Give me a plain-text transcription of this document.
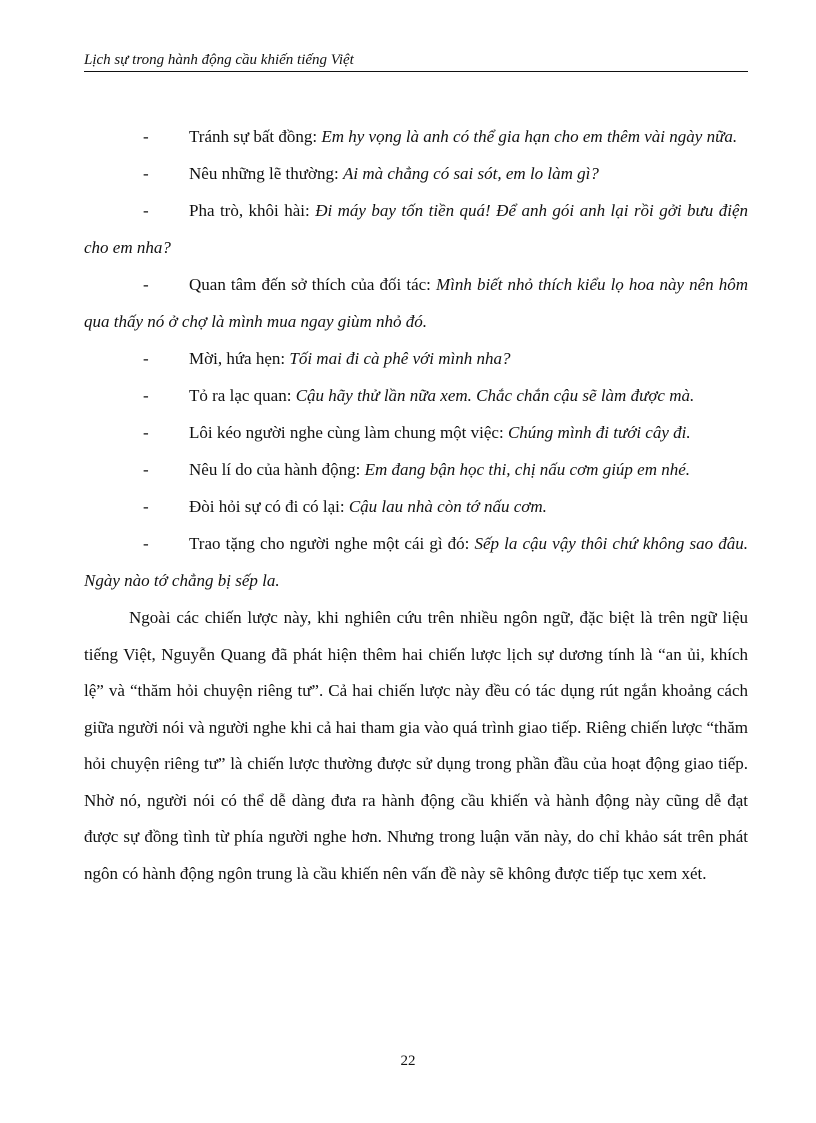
Lịch sự trong hành động cầu khiến tiếng Việt
- Tránh sự bất đồng: Em hy vọng là anh có thể gia hạn cho em thêm vài ngày nữa.
- Nêu những lẽ thường: Ai mà chẳng có sai sót, em lo làm gì?
- Pha trò, khôi hài: Đi máy bay tốn tiền quá! Để anh gói anh lại rồi gởi bưu điện cho em nha?
- Quan tâm đến sở thích của đối tác: Mình biết nhỏ thích kiểu lọ hoa này nên hôm qua thấy nó ở chợ là mình mua ngay giùm nhỏ đó.
- Mời, hứa hẹn: Tối mai đi cà phê với mình nha?
- Tỏ ra lạc quan: Cậu hãy thử lần nữa xem. Chắc chắn cậu sẽ làm được mà.
- Lôi kéo người nghe cùng làm chung một việc: Chúng mình đi tưới cây đi.
- Nêu lí do của hành động: Em đang bận học thi, chị nấu cơm giúp em nhé.
- Đòi hỏi sự có đi có lại: Cậu lau nhà còn tớ nấu cơm.
- Trao tặng cho người nghe một cái gì đó: Sếp la cậu vậy thôi chứ không sao đâu. Ngày nào tớ chẳng bị sếp la.
Ngoài các chiến lược này, khi nghiên cứu trên nhiều ngôn ngữ, đặc biệt là trên ngữ liệu tiếng Việt, Nguyễn Quang đã phát hiện thêm hai chiến lược lịch sự dương tính là “an ủi, khích lệ” và “thăm hỏi chuyện riêng tư”. Cả hai chiến lược này đều có tác dụng rút ngắn khoảng cách giữa người nói và người nghe khi cả hai tham gia vào quá trình giao tiếp. Riêng chiến lược “thăm hỏi chuyện riêng tư” là chiến lược thường được sử dụng trong phần đầu của hoạt động giao tiếp. Nhờ nó, người nói có thể dễ dàng đưa ra hành động cầu khiến và hành động này cũng dễ đạt được sự đồng tình từ phía người nghe hơn. Nhưng trong luận văn này, do chỉ khảo sát trên phát ngôn có hành động ngôn trung là cầu khiến nên vấn đề này sẽ không được tiếp tục xem xét.
22
